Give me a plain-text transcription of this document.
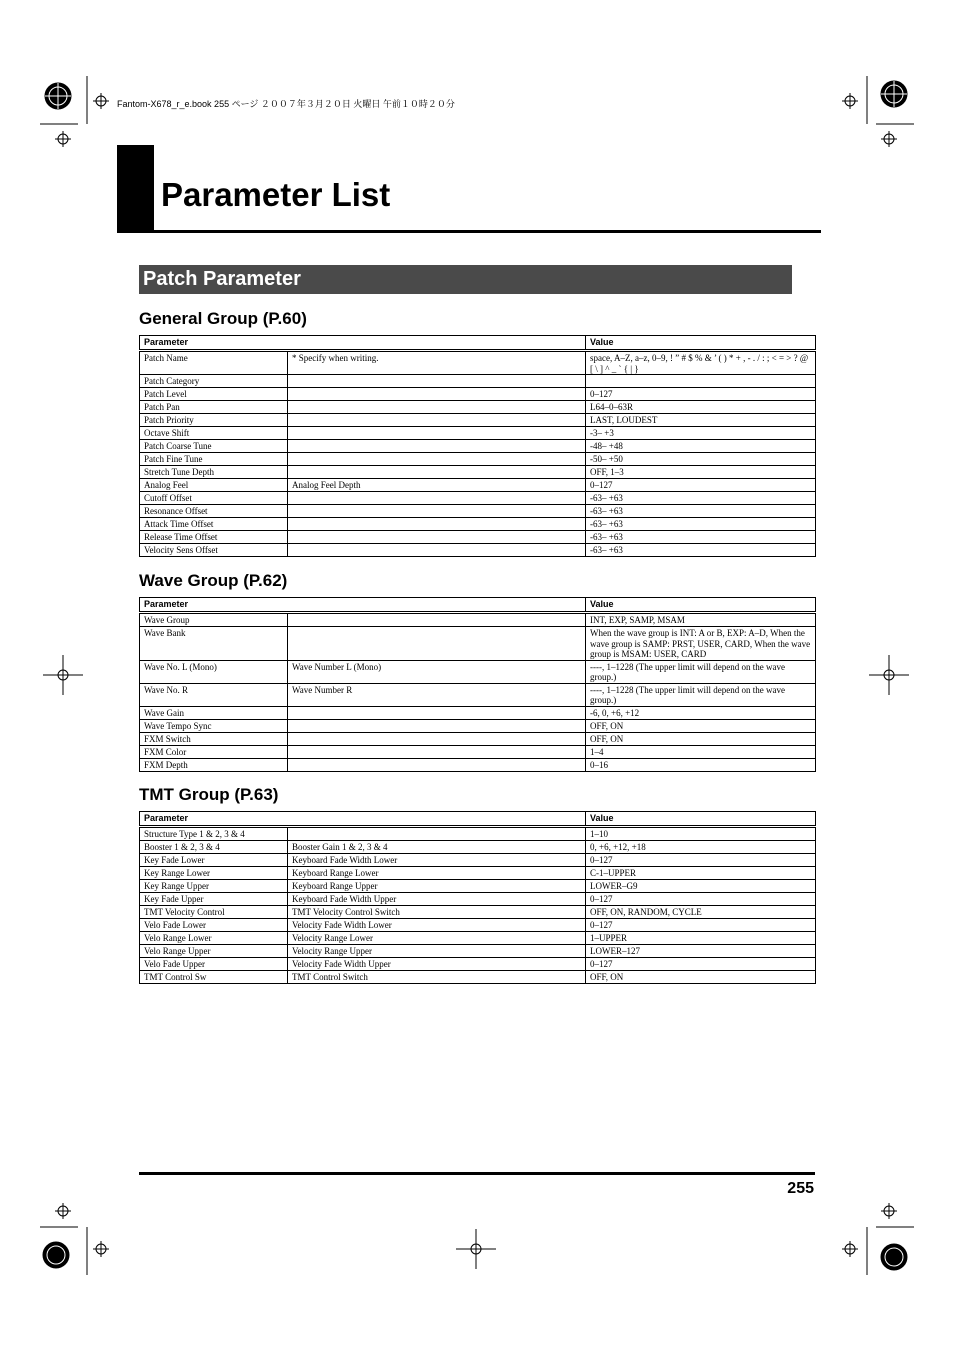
Fantom-X678_r_e.book 255 ページ ２００７年３月２０日 火曜日 午前１０時２０分
Parameter List
Patch Parameter
General Group (P.60)
Parameter		Value
Patch Name	* Specify when writing.	space, A–Z, a–z, 0–9, ! ” # $ % & ’ ( ) * + , - . / : ; < = > ? @ [ \ ] ^ _ ` { | }
Patch Category		
Patch Level		0–127
Patch Pan		L64–0–63R
Patch Priority		LAST, LOUDEST
Octave Shift		-3– +3
Patch Coarse Tune		-48– +48
Patch Fine Tune		-50– +50
Stretch Tune Depth		OFF, 1–3
Analog Feel	Analog Feel Depth	0–127
Cutoff Offset		-63– +63
Resonance Offset		-63– +63
Attack Time Offset		-63– +63
Release Time Offset		-63– +63
Velocity Sens Offset		-63– +63
Wave Group (P.62)
Parameter		Value
Wave Group		INT, EXP, SAMP, MSAM
Wave Bank		When the wave group is INT: A or B, EXP: A–D, When the wave group is SAMP: PRST, USER, CARD, When the wave group is MSAM: USER, CARD
Wave No. L (Mono)	Wave Number L (Mono)	----, 1–1228 (The upper limit will depend on the wave group.)
Wave No. R	Wave Number R	----, 1–1228 (The upper limit will depend on the wave group.)
Wave Gain		-6, 0, +6, +12
Wave Tempo Sync		OFF, ON
FXM Switch		OFF, ON
FXM Color		1–4
FXM Depth		0–16
TMT Group (P.63)
Parameter		Value
Structure Type 1 & 2, 3 & 4		1–10
Booster 1 & 2, 3 & 4	Booster Gain 1 & 2, 3 & 4	0, +6, +12, +18
Key Fade Lower	Keyboard Fade Width Lower	0–127
Key Range Lower	Keyboard Range Lower	C-1–UPPER
Key Range Upper	Keyboard Range Upper	LOWER–G9
Key Fade Upper	Keyboard Fade Width Upper	0–127
TMT Velocity Control	TMT Velocity Control Switch	OFF, ON, RANDOM, CYCLE
Velo Fade Lower	Velocity Fade Width Lower	0–127
Velo Range Lower	Velocity Range Lower	1–UPPER
Velo Range Upper	Velocity Range Upper	LOWER–127
Velo Fade Upper	Velocity Fade Width Upper	0–127
TMT Control Sw	TMT Control Switch	OFF, ON
255
